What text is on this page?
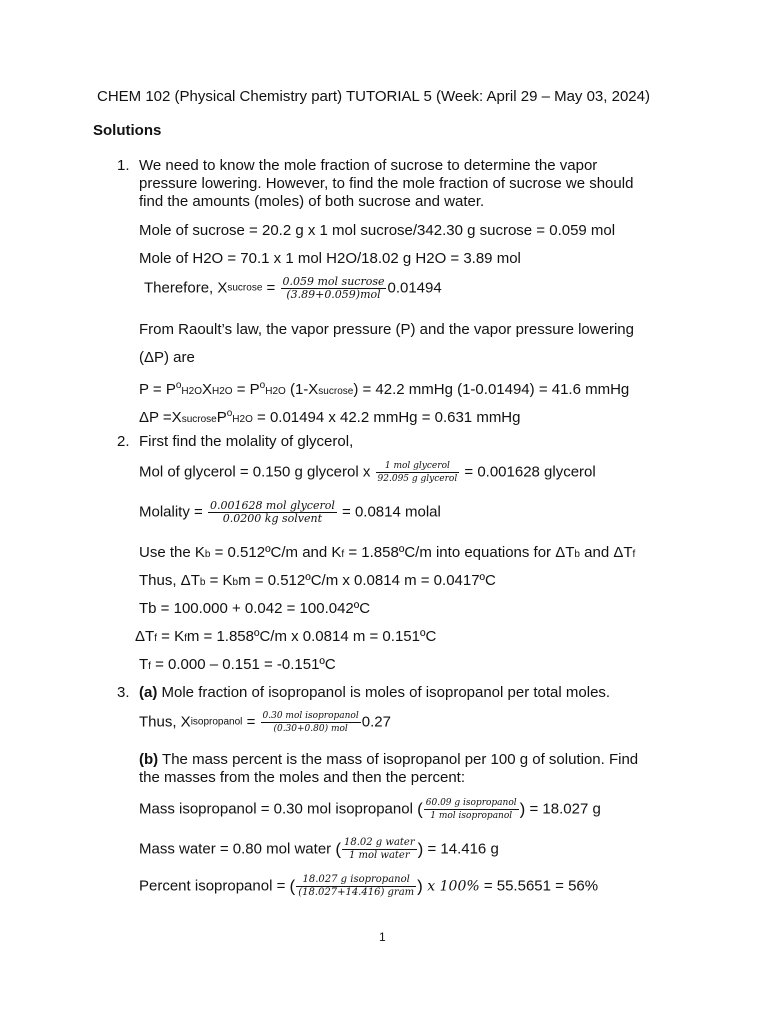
CHEM 102 (Physical Chemistry part) TUTORIAL 5 (Week: April 29 – May 03, 2024)
Solutions
1. We need to know the mole fraction of sucrose to determine the vapor
pressure lowering. However, to find the mole fraction of sucrose we should
find the amounts (moles) of both sucrose and water.
Mole of sucrose = 20.2 g x 1 mol sucrose/342.30 g sucrose = 0.059 mol
Mole of H2O = 70.1 x 1 mol H2O/18.02 g H2O = 3.89 mol
Therefore, Xsucrose = $\frac{\text{0.059 mol sucrose}}{\text{(3.89+0.059)mol}} 0.01494$
From Raoult’s law, the vapor pressure (P) and the vapor pressure lowering
(ΔP) are
$P = P^oH2OXH2O = P^oH2O$ (1-Xsucrose) = 42.2 mmHg (1-0.01494) = 41.6 mmHg
ΔP =XsucroseP$^o$H2O = 0.01494 x 42.2 mmHg = 0.631 mmHg
2. First find the molality of glycerol,
Mol of glycerol = 0.150 g glycerol x $\frac{\text{1 mol glycerol}}{\text{92.095 g glycerol}} = 0.001628$ glycerol
Molality = $\frac{\text{0.001628 mol glycerol}}{\text{0.0200 kg solvent}} = 0.0814$ molal
Use the Kb = 0.512ºC/m and Kf = 1.858ºC/m into equations for ΔTb and ΔTf
Thus, ΔTb = Kbm = 0.512ºC/m x 0.0814 m = 0.0417ºC
Tb = 100.000 + 0.042 = 100.042ºC
ΔTf = Kfm = 1.858ºC/m x 0.0814 m = 0.151ºC
Tf = 0.000 – 0.151 = -0.151ºC
3. (a) Mole fraction of isopropanol is moles of isopropanol per total moles.
Thus, Xisopropanol = $\frac{\text{0.30 mol isopropanol}}{\text{(0.30+0.80) mol}} 0.27$
(b) The mass percent is the mass of isopropanol per 100 g of solution. Find
the masses from the moles and then the percent:
Mass isopropanol = 0.30 mol isopropanol ( $\frac{\text{60.09 g isopropanol}}{\text{1 mol isopropanol}}$ ) = 18.027 g
Mass water = 0.80 mol water ( $\frac{\text{18.02 g water}}{\text{1 mol water}}$ ) = 14.416 g
Percent isopropanol = ( $\frac{\text{18.027 g isopropanol}}{\text{(18.027+14.416) gram}}$ ) x 100% = 55.5651 = 56%
1
